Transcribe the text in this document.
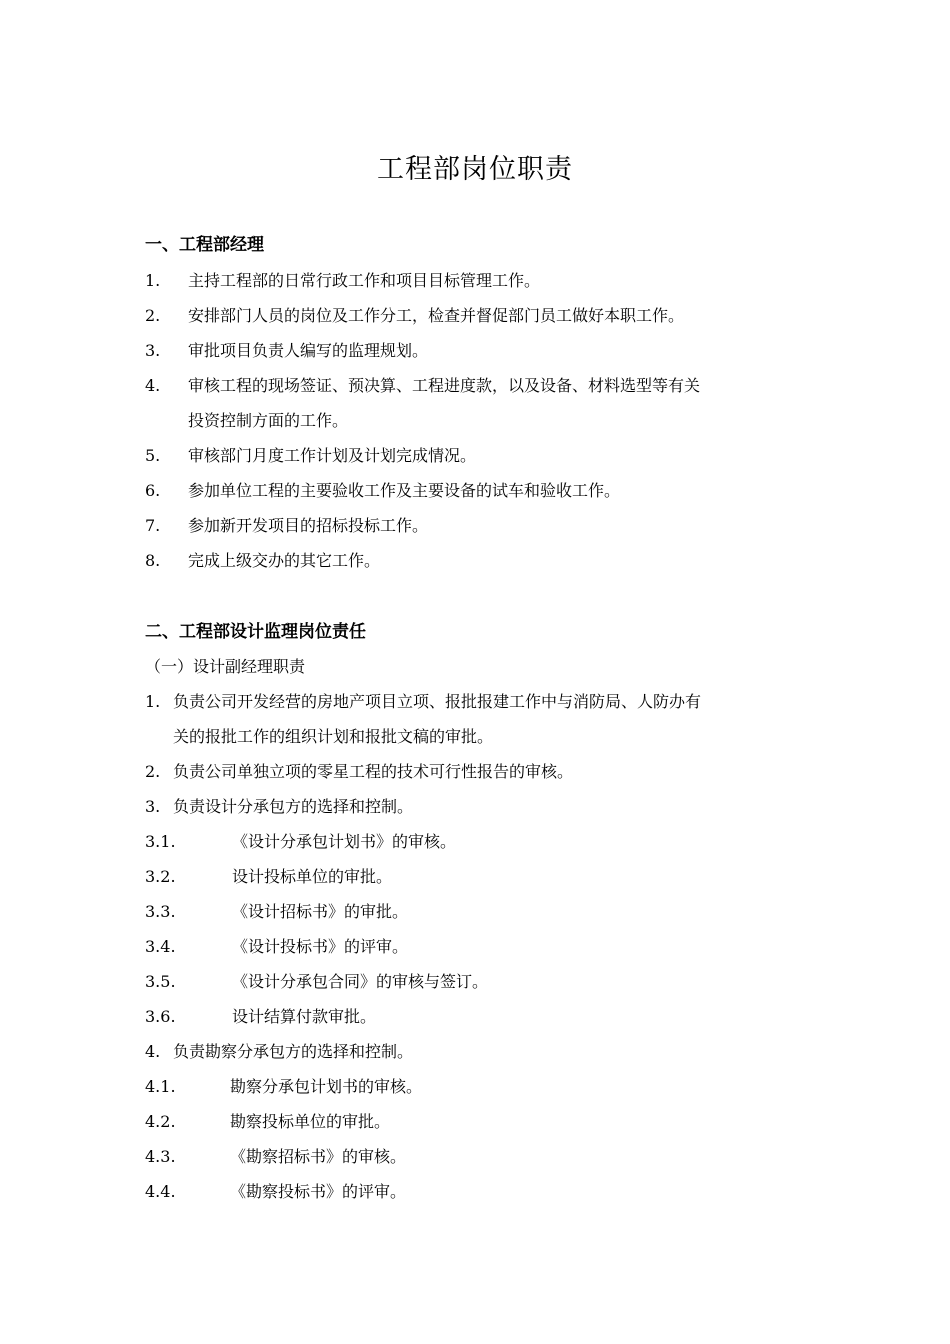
工程部岗位职责
一、工程部经理
1. 主持工程部的日常行政工作和项目目标管理工作。
2. 安排部门人员的岗位及工作分工，检查并督促部门员工做好本职工作。
3. 审批项目负责人编写的监理规划。
4. 审核工程的现场签证、预决算、工程进度款，以及设备、材料选型等有关
投资控制方面的工作。
5. 审核部门月度工作计划及计划完成情况。
6. 参加单位工程的主要验收工作及主要设备的试车和验收工作。
7. 参加新开发项目的招标投标工作。
8. 完成上级交办的其它工作。
二、工程部设计监理岗位责任
（一）设计副经理职责
1. 负责公司开发经营的房地产项目立项、报批报建工作中与消防局、人防办有
关的报批工作的组织计划和报批文稿的审批。
2. 负责公司单独立项的零星工程的技术可行性报告的审核。
3. 负责设计分承包方的选择和控制。
3.1.	《设计分承包计划书》的审核。
3.2.	设计投标单位的审批。
3.3.	《设计招标书》的审批。
3.4.	《设计投标书》的评审。
3.5.	《设计分承包合同》的审核与签订。
3.6.	设计结算付款审批。
4. 负责勘察分承包方的选择和控制。
4.1.	勘察分承包计划书的审核。
4.2.	勘察投标单位的审批。
4.3.	《勘察招标书》的审核。
4.4.	《勘察投标书》的评审。
